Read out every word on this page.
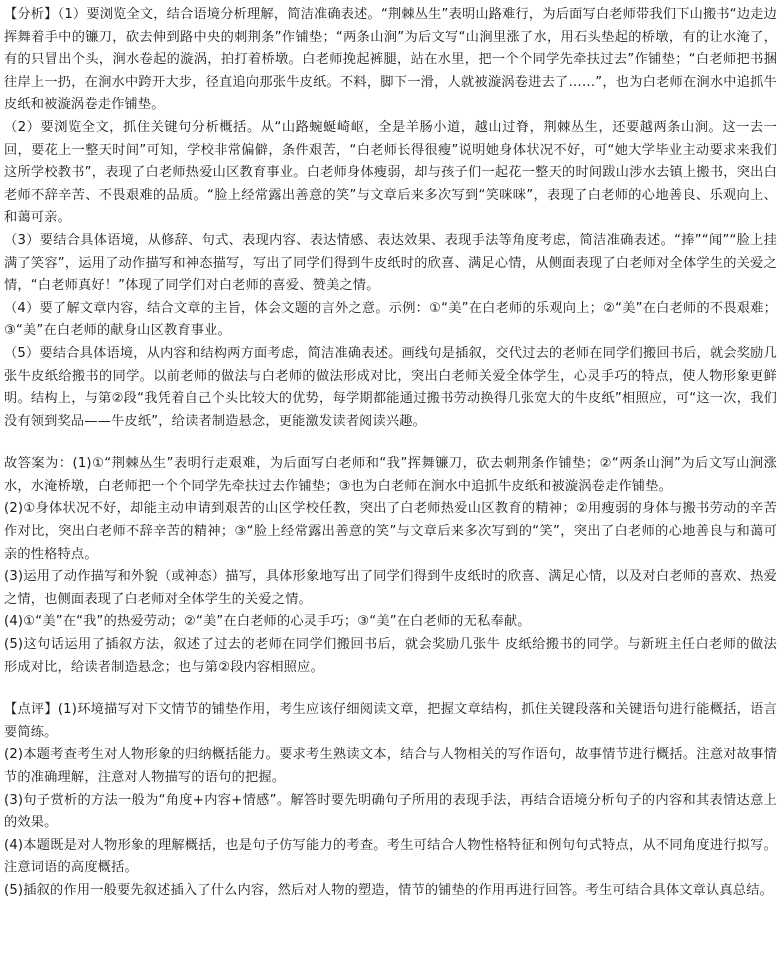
【分析】（1）要浏览全文，结合语境分析理解，简洁准确表述。“荆棘丛生”表明山路难行，为后面写白老师带我们下山搬书“边走边挥舞着手中的镰刀，砍去伸到路中央的刺荆条”作铺垫；“两条山涧”为后文写“山涧里涨了水，用石头垫起的桥墩，有的让水淹了，有的只冒出个头，涧水卷起的漩涡，拍打着桥墩。白老师挽起裤腿，站在水里，把一个个同学先牵扶过去”作铺垫；“白老师把书捆往岸上一扔，在涧水中跨开大步，径直追向那张牛皮纸。不料，脚下一滑，人就被漩涡卷进去了……”，也为白老师在涧水中追抓牛皮纸和被漩涡卷走作铺垫。

（2）要浏览全文，抓住关键句分析概括。从“山路蜿蜒崎岖，全是羊肠小道，越山过脊，荆棘丛生，还要越两条山涧。这一去一回，要花上一整天时间”可知，学校非常偏僻，条件艰苦，“白老师长得很瘦”说明她身体状况不好，可“她大学毕业主动要求来我们这所学校教书”，表现了白老师热爱山区教育事业。白老师身体瘦弱，却与孩子们一起花一整天的时间跋山涉水去镇上搬书，突出白老师不辞辛苦、不畏艰难的品质。“脸上经常露出善意的笑”与文章后来多次写到“笑咪咪”，表现了白老师的心地善良、乐观向上、和蔼可亲。

（3）要结合具体语境，从修辞、句式、表现内容、表达情感、表达效果、表现手法等角度考虑，简洁准确表述。“捧”“闻”“脸上挂满了笑容”，运用了动作描写和神态描写，写出了同学们得到牛皮纸时的欣喜、满足心情，从侧面表现了白老师对全体学生的关爱之情，“白老师真好！”体现了同学们对白老师的喜爱、赞美之情。

（4）要了解文章内容，结合文章的主旨，体会文题的言外之意。示例：①“美”在白老师的乐观向上；②“美”在白老师的不畏艰难；③“美”在白老师的献身山区教育事业。

（5）要结合具体语境，从内容和结构两方面考虑，简洁准确表述。画线句是插叙，交代过去的老师在同学们搬回书后，就会奖励几张牛皮纸给搬书的同学。以前老师的做法与白老师的做法形成对比，突出白老师关爱全体学生，心灵手巧的特点，使人物形象更鲜明。结构上，与第②段“我凭着自己个头比较大的优势，每学期都能通过搬书劳动换得几张宽大的牛皮纸”相照应，可“这一次，我们没有领到奖品——牛皮纸”，给读者制造悬念，更能激发读者阅读兴趣。

故答案为：(1)①“荆棘丛生”表明行走艰难，为后面写白老师和“我”挥舞镰刀，砍去刺荆条作铺垫；②“两条山涧”为后文写山涧涨水，水淹桥墩，白老师把一个个同学先牵扶过去作铺垫；③也为白老师在涧水中追抓牛皮纸和被漩涡卷走作铺垫。

(2)①身体状况不好，却能主动申请到艰苦的山区学校任教，突出了白老师热爱山区教育的精神；②用瘦弱的身体与搬书劳动的辛苦作对比，突出白老师不辞辛苦的精神；③“脸上经常露出善意的笑”与文章后来多次写到的“笑”，突出了白老师的心地善良与和蔼可亲的性格特点。

(3)运用了动作描写和外貌（或神态）描写，具体形象地写出了同学们得到牛皮纸时的欣喜、满足心情，以及对白老师的喜欢、热爱之情，也侧面表现了白老师对全体学生的关爱之情。

(4)①“美”在“我”的热爱劳动；②“美”在白老师的心灵手巧；③“美”在白老师的无私奉献。

(5)这句话运用了插叙方法，叙述了过去的老师在同学们搬回书后，就会奖励几张牛 皮纸给搬书的同学。与新班主任白老师的做法形成对比，给读者制造悬念；也与第②段内容相照应。

【点评】(1)环境描写对下文情节的铺垫作用，考生应该仔细阅读文章，把握文章结构，抓住关键段落和关键语句进行能概括，语言要简练。

(2)本题考查考生对人物形象的归纳概括能力。要求考生熟读文本，结合与人物相关的写作语句，故事情节进行概括。注意对故事情节的准确理解，注意对人物描写的语句的把握。

(3)句子赏析的方法一般为“角度+内容+情感”。解答时要先明确句子所用的表现手法，再结合语境分析句子的内容和其表情达意上的效果。

(4)本题既是对人物形象的理解概括，也是句子仿写能力的考查。考生可结合人物性格特征和例句句式特点，从不同角度进行拟写。注意词语的高度概括。

(5)插叙的作用一般要先叙述插入了什么内容，然后对人物的塑造，情节的铺垫的作用再进行回答。考生可结合具体文章认真总结。
